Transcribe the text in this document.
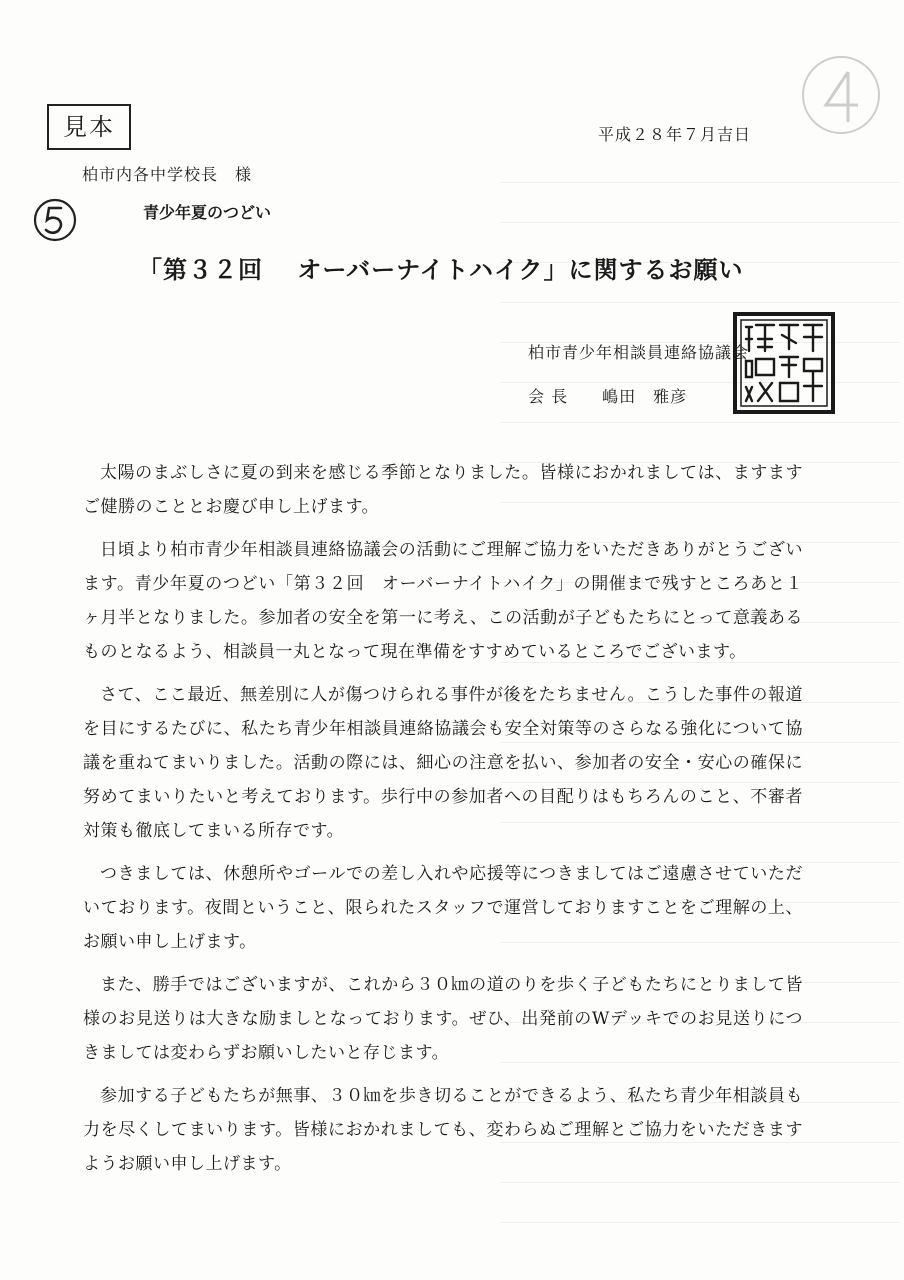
見本	平成２８年７月吉日
柏市内各中学校長　様
青少年夏のつどい
「第３２回　 オーバーナイトハイク」に関するお願い
柏市青少年相談員連絡協議会
会 長　　嶋田　雅彦

太陽のまぶしさに夏の到来を感じる季節となりました。皆様におかれましては、ますますご健勝のこととお慶び申し上げます。

日頃より柏市青少年相談員連絡協議会の活動にご理解ご協力をいただきありがとうございます。青少年夏のつどい「第３２回　オーバーナイトハイク」の開催まで残すところあと１ヶ月半となりました。参加者の安全を第一に考え、この活動が子どもたちにとって意義あるものとなるよう、相談員一丸となって現在準備をすすめているところでございます。

さて、ここ最近、無差別に人が傷つけられる事件が後をたちません。こうした事件の報道を目にするたびに、私たち青少年相談員連絡協議会も安全対策等のさらなる強化について協議を重ねてまいりました。活動の際には、細心の注意を払い、参加者の安全・安心の確保に努めてまいりたいと考えております。歩行中の参加者への目配りはもちろんのこと、不審者対策も徹底してまいる所存です。

つきましては、休憩所やゴールでの差し入れや応援等につきましてはご遠慮させていただいております。夜間ということ、限られたスタッフで運営しておりますことをご理解の上、お願い申し上げます。

また、勝手ではございますが、これから３０㎞の道のりを歩く子どもたちにとりまして皆様のお見送りは大きな励ましとなっております。ぜひ、出発前のWデッキでのお見送りにつきましては変わらずお願いしたいと存じます。

参加する子どもたちが無事、３０㎞を歩き切ることができるよう、私たち青少年相談員も力を尽くしてまいります。皆様におかれましても、変わらぬご理解とご協力をいただきますようお願い申し上げます。
